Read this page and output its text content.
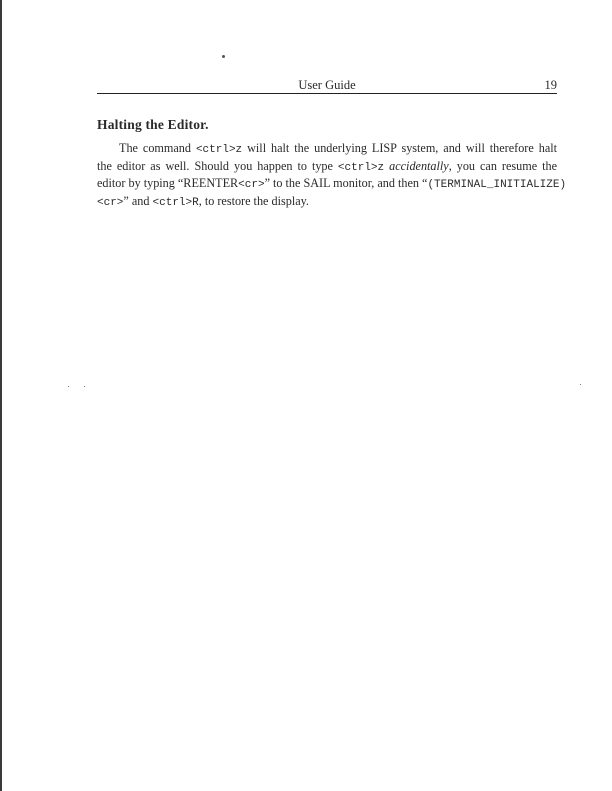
User Guide	19
Halting the Editor.
The command <ctrl>z will halt the underlying LISP system, and will therefore halt
the editor as well. Should you happen to type <ctrl>z accidentally, you can resume the
editor by typing “REENTER<cr>” to the SAIL monitor, and then “(TERMINAL_INITIALIZE)
<cr>” and <ctrl>R, to restore the display.
